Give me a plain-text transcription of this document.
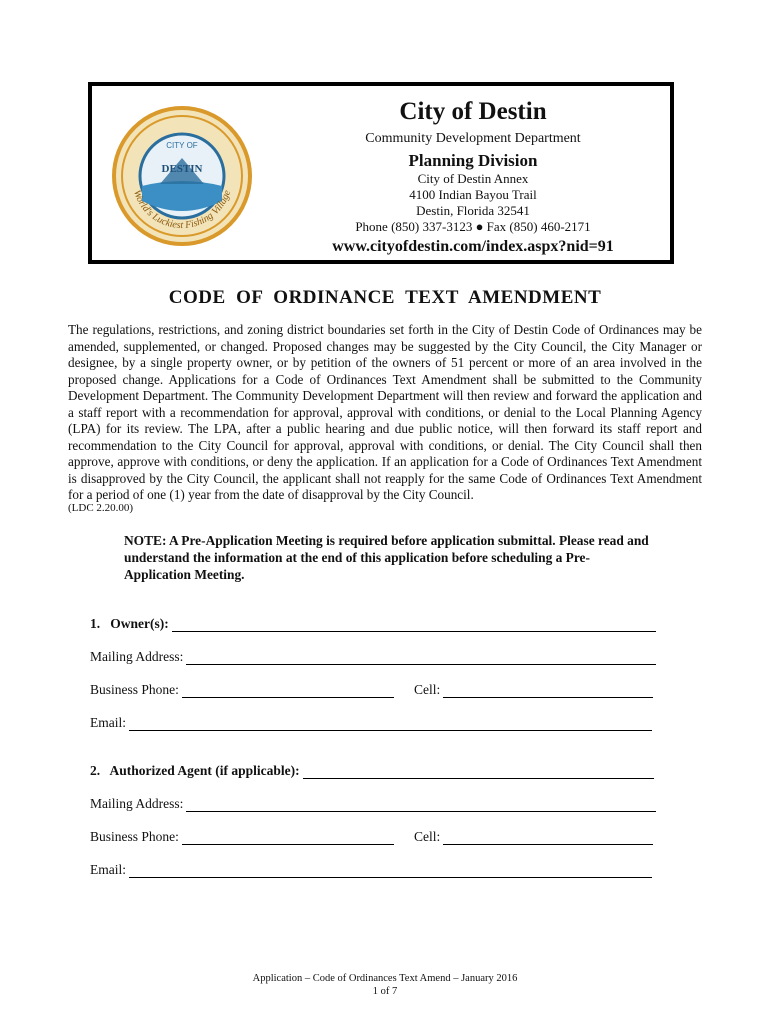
CITY OF
DESTIN
World's Luckiest Fishing Village
City of Destin
Community Development Department
Planning Division
City of Destin Annex
4100 Indian Bayou Trail
Destin, Florida 32541
Phone (850) 337-3123 ● Fax (850) 460-2171
www.cityofdestin.com/index.aspx?nid=91
CODE  OF  ORDINANCE  TEXT  AMENDMENT
The regulations, restrictions, and zoning district boundaries set forth in the City of Destin Code of Ordinances may be amended, supplemented, or changed. Proposed changes may be suggested by the City Council, the City Manager or designee, by a single property owner, or by petition of the owners of 51 percent or more of an area involved in the proposed change. Applications for a Code of Ordinances Text Amendment shall be submitted to the Community Development Department. The Community Development Department will then review and forward the application and a staff report with a recommendation for approval, approval with conditions, or denial to the Local Planning Agency (LPA) for its review. The LPA, after a public hearing and due public notice, will then forward its staff report and recommendation to the City Council for approval, approval with conditions, or denial. The City Council shall then approve, approve with conditions, or deny the application. If an application for a Code of Ordinances Text Amendment is disapproved by the City Council, the applicant shall not reapply for the same Code of Ordinances Text Amendment for a period of one (1) year from the date of disapproval by the City Council.
(LDC 2.20.00)
NOTE: A Pre-Application Meeting is required before application submittal. Please read and understand the information at the end of this application before scheduling a Pre-Application Meeting.
1.   Owner(s):
Mailing Address:
Business Phone:	Cell:
Email:
2.   Authorized Agent (if applicable):
Mailing Address:
Business Phone:	Cell:
Email:
Application – Code of Ordinances Text Amend – January 2016
1 of 7
